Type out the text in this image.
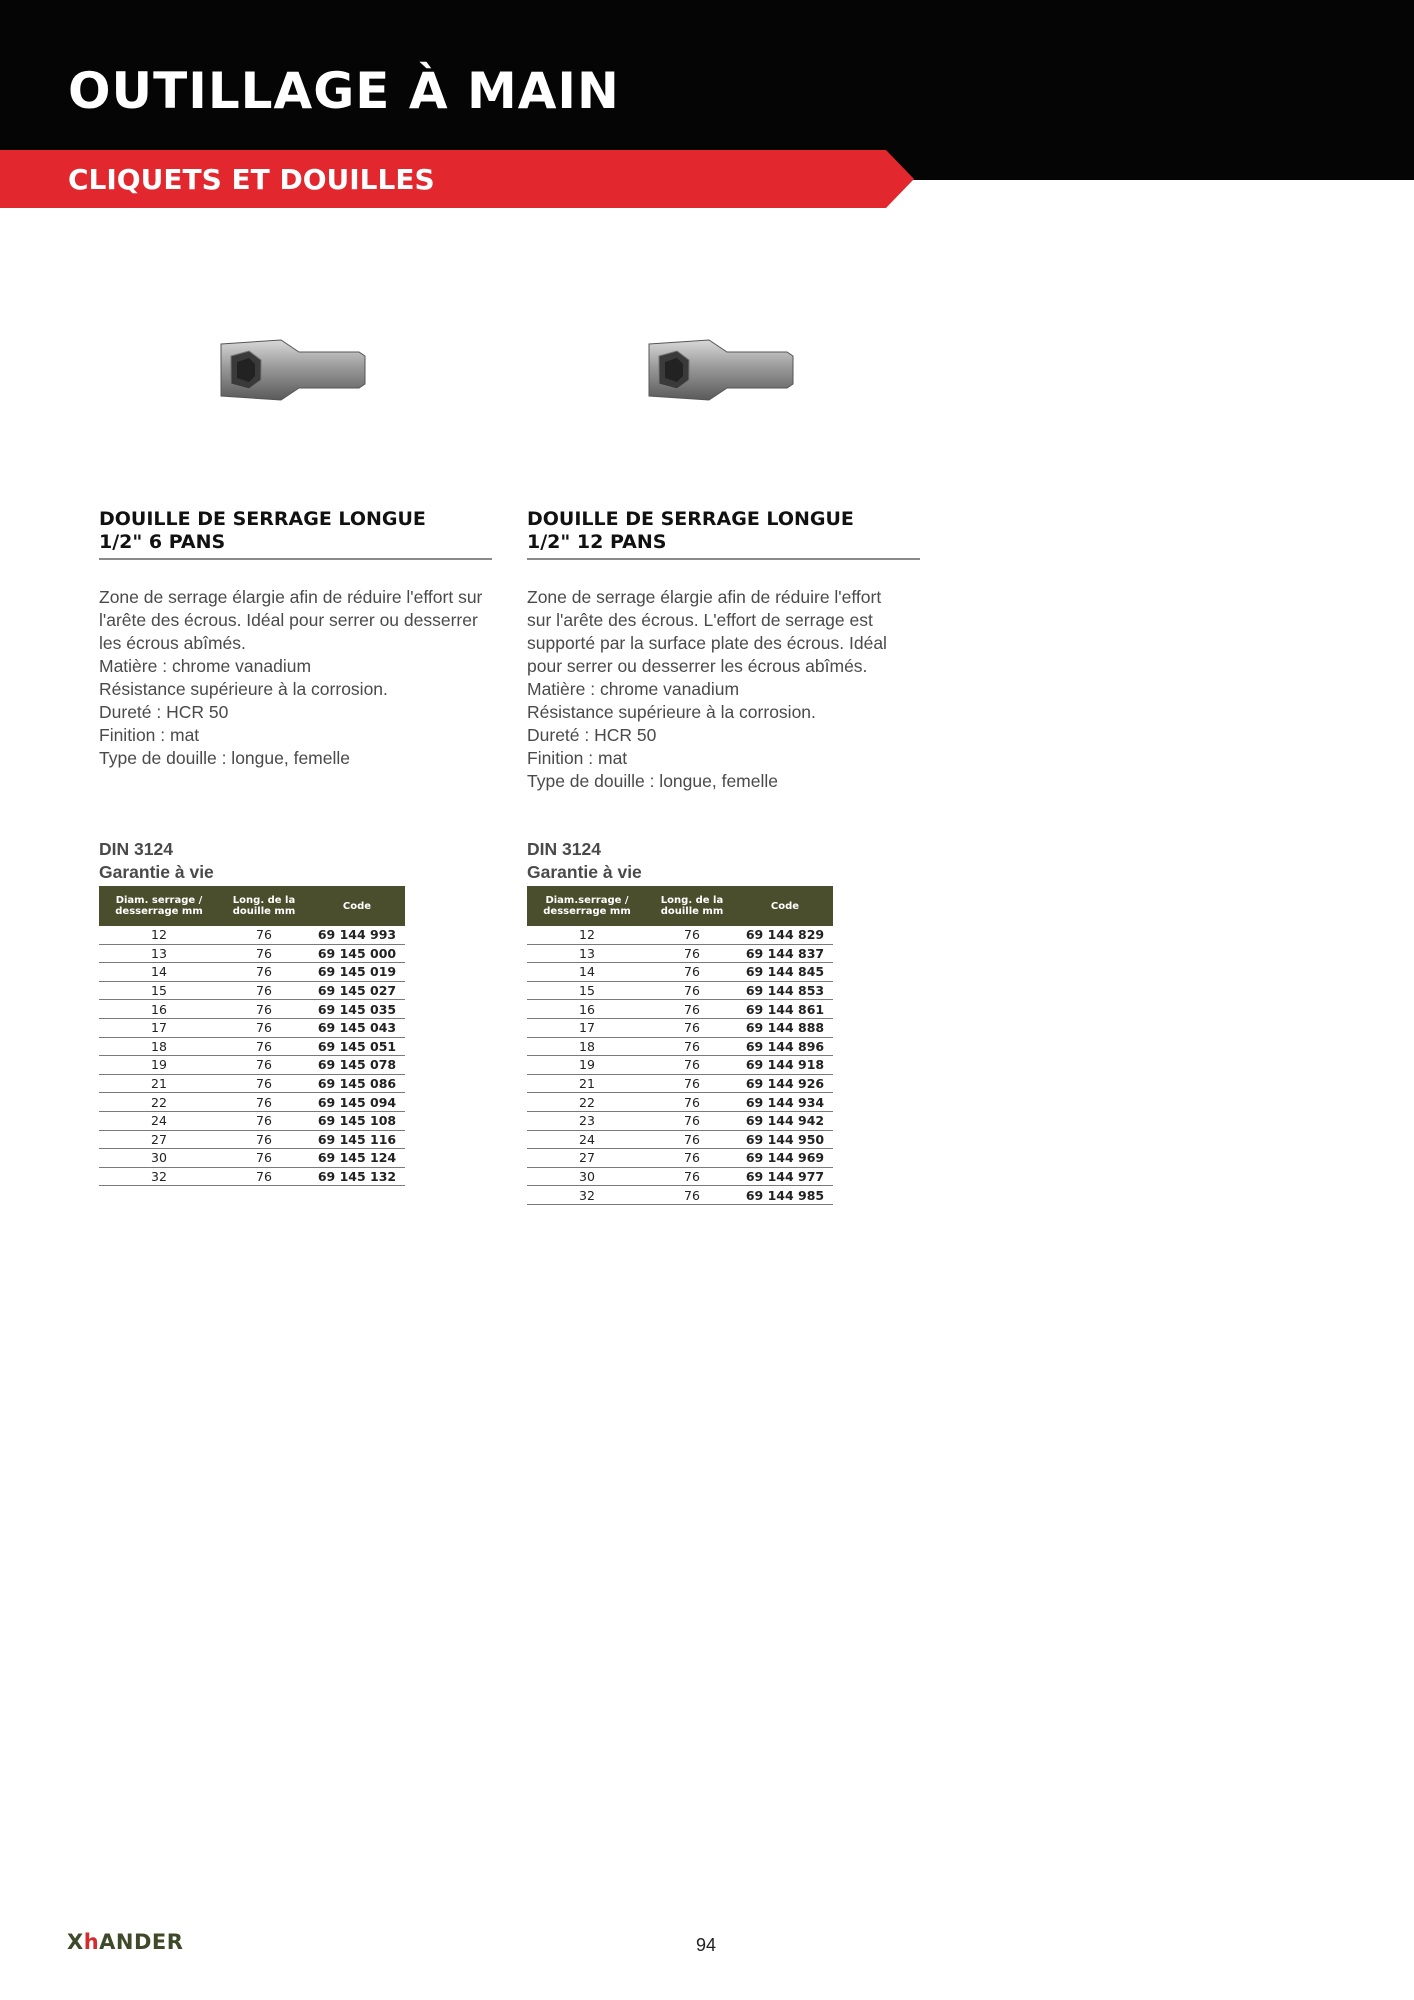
OUTILLAGE À MAIN
CLIQUETS ET DOUILLES
DOUILLE DE SERRAGE LONGUE
1/2" 6 PANS

Zone de serrage élargie afin de réduire l'effort sur

l'arête des écrous. Idéal pour serrer ou desserrer

les écrous abîmés.

Matière : chrome vanadium

Résistance supérieure à la corrosion.

Dureté : HCR 50

Finition : mat

Type de douille : longue, femelle

DIN 3124
Garantie à vie
Diam. serrage / desserrage mm	Long. de la douille mm	Code
12	76	69 144 993
13	76	69 145 000
14	76	69 145 019
15	76	69 145 027
16	76	69 145 035
17	76	69 145 043
18	76	69 145 051
19	76	69 145 078
21	76	69 145 086
22	76	69 145 094
24	76	69 145 108
27	76	69 145 116
30	76	69 145 124
32	76	69 145 132
DOUILLE DE SERRAGE LONGUE
1/2" 12 PANS

Zone de serrage élargie afin de réduire l'effort

sur l'arête des écrous. L'effort de serrage est

supporté par la surface plate des écrous. Idéal

pour serrer ou desserrer les écrous abîmés.

Matière : chrome vanadium

Résistance supérieure à la corrosion.

Dureté : HCR 50

Finition : mat

Type de douille : longue, femelle

DIN 3124
Garantie à vie
Diam.serrage / desserrage mm	Long. de la douille mm	Code
12	76	69 144 829
13	76	69 144 837
14	76	69 144 845
15	76	69 144 853
16	76	69 144 861
17	76	69 144 888
18	76	69 144 896
19	76	69 144 918
21	76	69 144 926
22	76	69 144 934
23	76	69 144 942
24	76	69 144 950
27	76	69 144 969
30	76	69 144 977
32	76	69 144 985
XhANDER	94
